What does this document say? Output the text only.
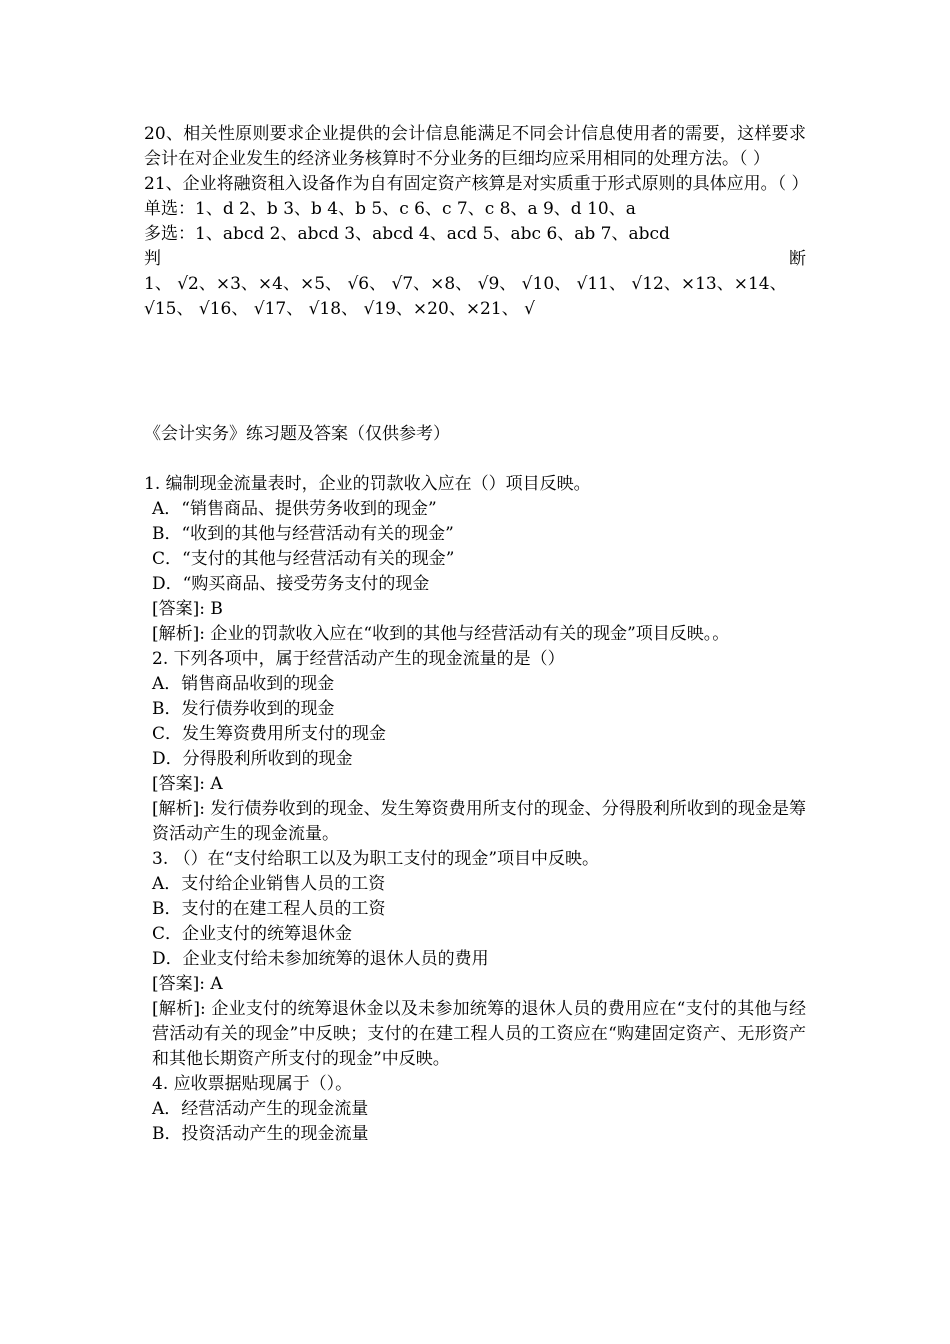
20、相关性原则要求企业提供的会计信息能满足不同会计信息使用者的需要，这样要求会计在对企业发生的经济业务核算时不分业务的巨细均应采用相同的处理方法。（ ）

21、企业将融资租入设备作为自有固定资产核算是对实质重于形式原则的具体应用。（ ）

单选：1、d 2、b 3、b 4、b 5、c 6、c 7、c 8、a 9、d 10、a

多选：1、abcd 2、abcd 3、abcd 4、acd 5、abc 6、ab 7、abcd

判	断

1、 √2、×3、×4、×5、 √6、 √7、×8、 √9、 √10、 √11、 √12、×13、×14、

√15、 √16、 √17、 √18、 √19、×20、×21、 √

《会计实务》练习题及答案（仅供参考）

1. 编制现金流量表时，企业的罚款收入应在（）项目反映。

A．“销售商品、提供劳务收到的现金”

B．“收到的其他与经营活动有关的现金”

C．“支付的其他与经营活动有关的现金”

D．“购买商品、接受劳务支付的现金

[答案]: B

[解析]: 企业的罚款收入应在“收到的其他与经营活动有关的现金”项目反映。。

2. 下列各项中，属于经营活动产生的现金流量的是（）

A．销售商品收到的现金

B．发行债券收到的现金

C．发生筹资费用所支付的现金

D．分得股利所收到的现金

[答案]: A

[解析]: 发行债券收到的现金、发生筹资费用所支付的现金、分得股利所收到的现金是筹资活动产生的现金流量。

3. （）在“支付给职工以及为职工支付的现金”项目中反映。

A．支付给企业销售人员的工资

B．支付的在建工程人员的工资

C．企业支付的统筹退休金

D．企业支付给未参加统筹的退休人员的费用

[答案]: A

[解析]: 企业支付的统筹退休金以及未参加统筹的退休人员的费用应在“支付的其他与经营活动有关的现金”中反映；支付的在建工程人员的工资应在“购建固定资产、无形资产和其他长期资产所支付的现金”中反映。

4. 应收票据贴现属于（）。

A．经营活动产生的现金流量

B．投资活动产生的现金流量
